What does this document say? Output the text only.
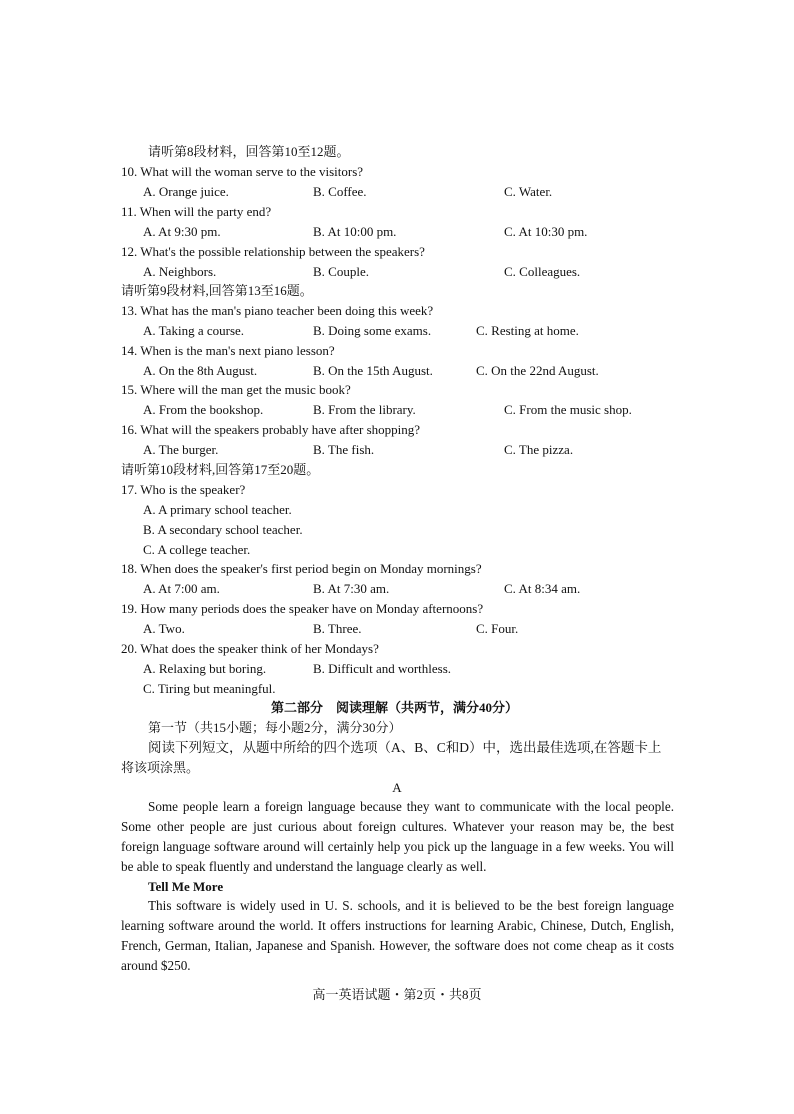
请听第8段材料，回答第10至12题。
10. What will the woman serve to the visitors?
A. Orange juice.	B. Coffee.	C. Water.
11. When will the party end?
A. At 9:30 pm.	B. At 10:00 pm.	C. At 10:30 pm.
12. What's the possible relationship between the speakers?
A. Neighbors.	B. Couple.	C. Colleagues.
请听第9段材料,回答第13至16题。
13. What has the man's piano teacher been doing this week?
A. Taking a course.	B. Doing some exams.	C. Resting at home.
14. When is the man's next piano lesson?
A. On the 8th August.	B. On the 15th August.	C. On the 22nd August.
15. Where will the man get the music book?
A. From the bookshop.	B. From the library.	C. From the music shop.
16. What will the speakers probably have after shopping?
A. The burger.	B. The fish.	C. The pizza.
请听第10段材料,回答第17至20题。
17. Who is the speaker?
A. A primary school teacher.
B. A secondary school teacher.
C. A college teacher.
18. When does the speaker's first period begin on Monday mornings?
A. At 7:00 am.	B. At 7:30 am.	C. At 8:34 am.
19. How many periods does the speaker have on Monday afternoons?
A. Two.	B. Three.	C. Four.
20. What does the speaker think of her Mondays?
A. Relaxing but boring.	B. Difficult and worthless.
C. Tiring but meaningful.
第二部分　阅读理解（共两节，满分40分）
第一节（共15小题；每小题2分，满分30分）
阅读下列短文，从题中所给的四个选项（A、B、C和D）中，选出最佳选项,在答题卡上
将该项涂黑。
A
Some people learn a foreign language because they want to communicate with the local people. Some other people are just curious about foreign cultures. Whatever your reason may be, the best foreign language software around will certainly help you pick up the language in a few weeks. You will be able to speak fluently and understand the language clearly as well.
Tell Me More
This software is widely used in U. S. schools, and it is believed to be the best foreign language learning software around the world. It offers instructions for learning Arabic, Chinese, Dutch, English, French, German, Italian, Japanese and Spanish. However, the software does not come cheap as it costs around $250.
高一英语试题・第2页・共8页
